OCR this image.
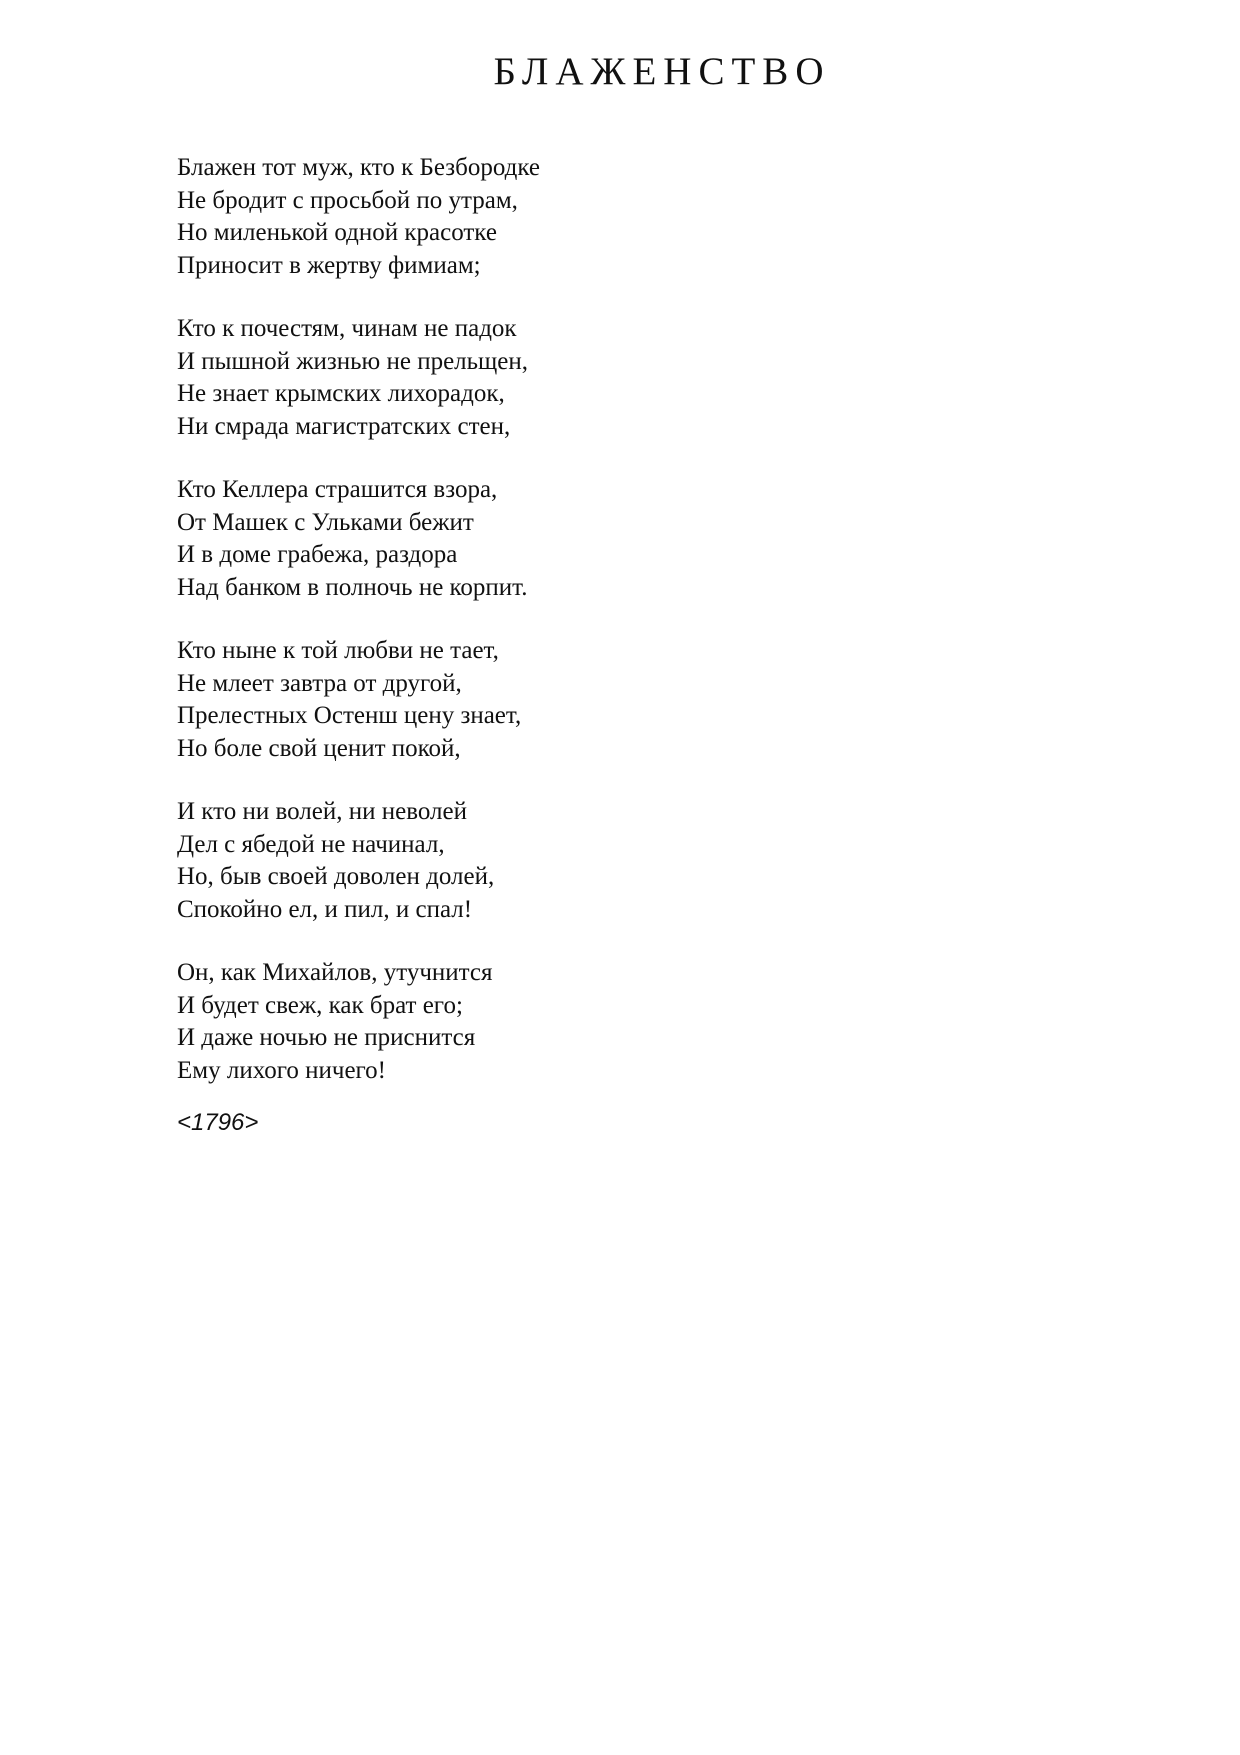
БЛАЖЕНСТВО
Блажен тот муж, кто к Безбородке
Не бродит с просьбой по утрам,
Но миленькой одной красотке
Приносит в жертву фимиам;
Кто к почестям, чинам не падок
И пышной жизнью не прельщен,
Не знает крымских лихорадок,
Ни смрада магистратских стен,
Кто Келлера страшится взора,
От Машек с Ульками бежит
И в доме грабежа, раздора
Над банком в полночь не корпит.
Кто ныне к той любви не тает,
Не млеет завтра от другой,
Прелестных Остенш цену знает,
Но боле свой ценит покой,
И кто ни волей, ни неволей
Дел с ябедой не начинал,
Но, быв своей доволен долей,
Спокойно ел, и пил, и спал!
Он, как Михайлов, утучнится
И будет свеж, как брат его;
И даже ночью не приснится
Ему лихого ничего!
<1796>
